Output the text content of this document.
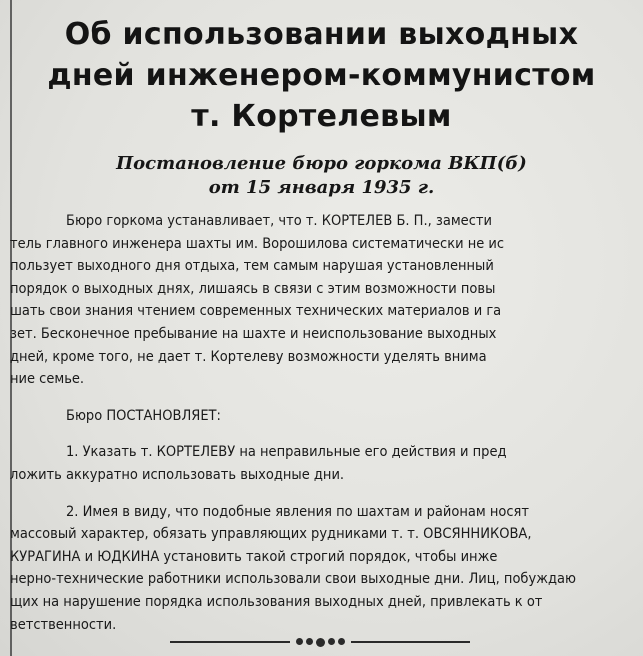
Об использовании выходных
дней инженером-коммунистом
т. Кортелевым
Постановление бюро горкома ВКП(б)
от 15 января 1935 г.
Бюро горкома устанавливает, что т. КОРТЕЛЕВ Б. П., замести
тель главного инженера шахты им. Ворошилова систематически не ис
пользует выходного дня отдыха, тем самым нарушая установленный
порядок о выходных днях, лишаясь в связи с этим возможности повы
шать свои знания чтением современных технических материалов и га
зет. Бесконечное пребывание на шахте и неиспользование выходных
дней, кроме того, не дает т. Кортелеву возможности уделять внима
ние семье.
Бюро ПОСТАНОВЛЯЕТ:
1. Указать т. КОРТЕЛЕВУ на неправильные его действия и пред
ложить аккуратно использовать выходные дни.
2. Имея в виду, что подобные явления по шахтам и районам носят
массовый характер, обязать управляющих рудниками т. т. ОВСЯННИКОВА,
КУРАГИНА и ЮДКИНА установить такой строгий порядок, чтобы инже
нерно-технические работники использовали свои выходные дни. Лиц, побуждаю
щих на нарушение порядка использования выходных дней, привлекать к от
ветственности.
